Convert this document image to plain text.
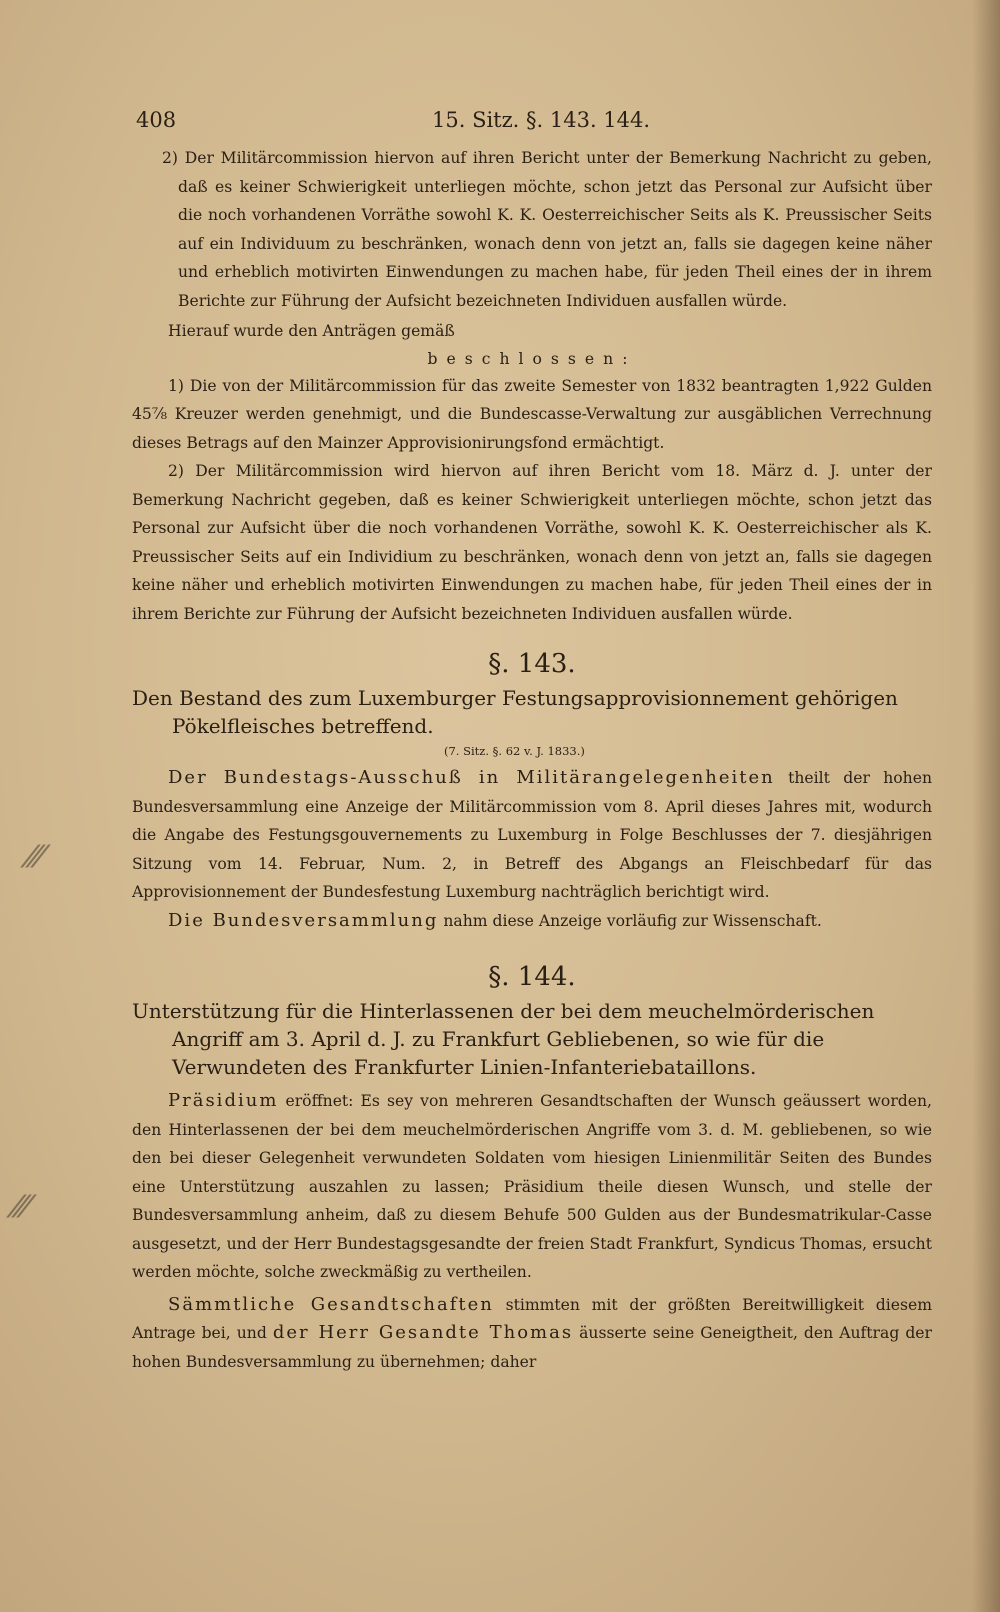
⁄⁄⁄
⁄⁄⁄
408	15. Sitz. §. 143. 144.

2) Der Militärcommission hiervon auf ihren Bericht unter der Bemerkung Nachricht zu geben, daß es keiner Schwierigkeit unterliegen möchte, schon jetzt das Personal zur Aufsicht über die noch vorhandenen Vorräthe sowohl K. K. Oesterreichischer Seits als K. Preussischer Seits auf ein Individuum zu beschränken, wonach denn von jetzt an, falls sie dagegen keine näher und erheblich motivirten Einwendungen zu machen habe, für jeden Theil eines der in ihrem Berichte zur Führung der Aufsicht bezeichneten Individuen ausfallen würde.

Hierauf wurde den Anträgen gemäß

beschlossen:

1) Die von der Militärcommission für das zweite Semester von 1832 beantragten 1,922 Gulden 45⅞ Kreuzer werden genehmigt, und die Bundescasse-Verwaltung zur ausgäblichen Verrechnung dieses Betrags auf den Mainzer Approvisionirungsfond ermächtigt.

2) Der Militärcommission wird hiervon auf ihren Bericht vom 18. März d. J. unter der Bemerkung Nachricht gegeben, daß es keiner Schwierigkeit unterliegen möchte, schon jetzt das Personal zur Aufsicht über die noch vorhandenen Vorräthe, sowohl K. K. Oesterreichischer als K. Preussischer Seits auf ein Individium zu beschränken, wonach denn von jetzt an, falls sie dagegen keine näher und erheblich motivirten Einwendungen zu machen habe, für jeden Theil eines der in ihrem Berichte zur Führung der Aufsicht bezeichneten Individuen ausfallen würde.

§. 143.
Den Bestand des zum Luxemburger Festungsapprovisionnement gehörigen Pökelfleisches betreffend.
(7. Sitz. §. 62 v. J. 1833.)

Der Bundestags-Ausschuß in Militärangelegenheiten theilt der hohen Bundesversammlung eine Anzeige der Militärcommission vom 8. April dieses Jahres mit, wodurch die Angabe des Festungsgouvernements zu Luxemburg in Folge Beschlusses der 7. diesjährigen Sitzung vom 14. Februar, Num. 2, in Betreff des Abgangs an Fleischbedarf für das Approvisionnement der Bundesfestung Luxemburg nachträglich berichtigt wird.

Die Bundesversammlung nahm diese Anzeige vorläufig zur Wissenschaft.

§. 144.
Unterstützung für die Hinterlassenen der bei dem meuchelmörderischen Angriff am 3. April d. J. zu Frankfurt Gebliebenen, so wie für die Verwundeten des Frankfurter Linien-Infanteriebataillons.

Präsidium eröffnet: Es sey von mehreren Gesandtschaften der Wunsch geäussert worden, den Hinterlassenen der bei dem meuchelmörderischen Angriffe vom 3. d. M. gebliebenen, so wie den bei dieser Gelegenheit verwundeten Soldaten vom hiesigen Linienmilitär Seiten des Bundes eine Unterstützung auszahlen zu lassen; Präsidium theile diesen Wunsch, und stelle der Bundesversammlung anheim, daß zu diesem Behufe 500 Gulden aus der Bundesmatrikular-Casse ausgesetzt, und der Herr Bundestagsgesandte der freien Stadt Frankfurt, Syndicus Thomas, ersucht werden möchte, solche zweckmäßig zu vertheilen.

Sämmtliche Gesandtschaften stimmten mit der größten Bereitwilligkeit diesem Antrage bei, und der Herr Gesandte Thomas äusserte seine Geneigtheit, den Auftrag der hohen Bundesversammlung zu übernehmen; daher
